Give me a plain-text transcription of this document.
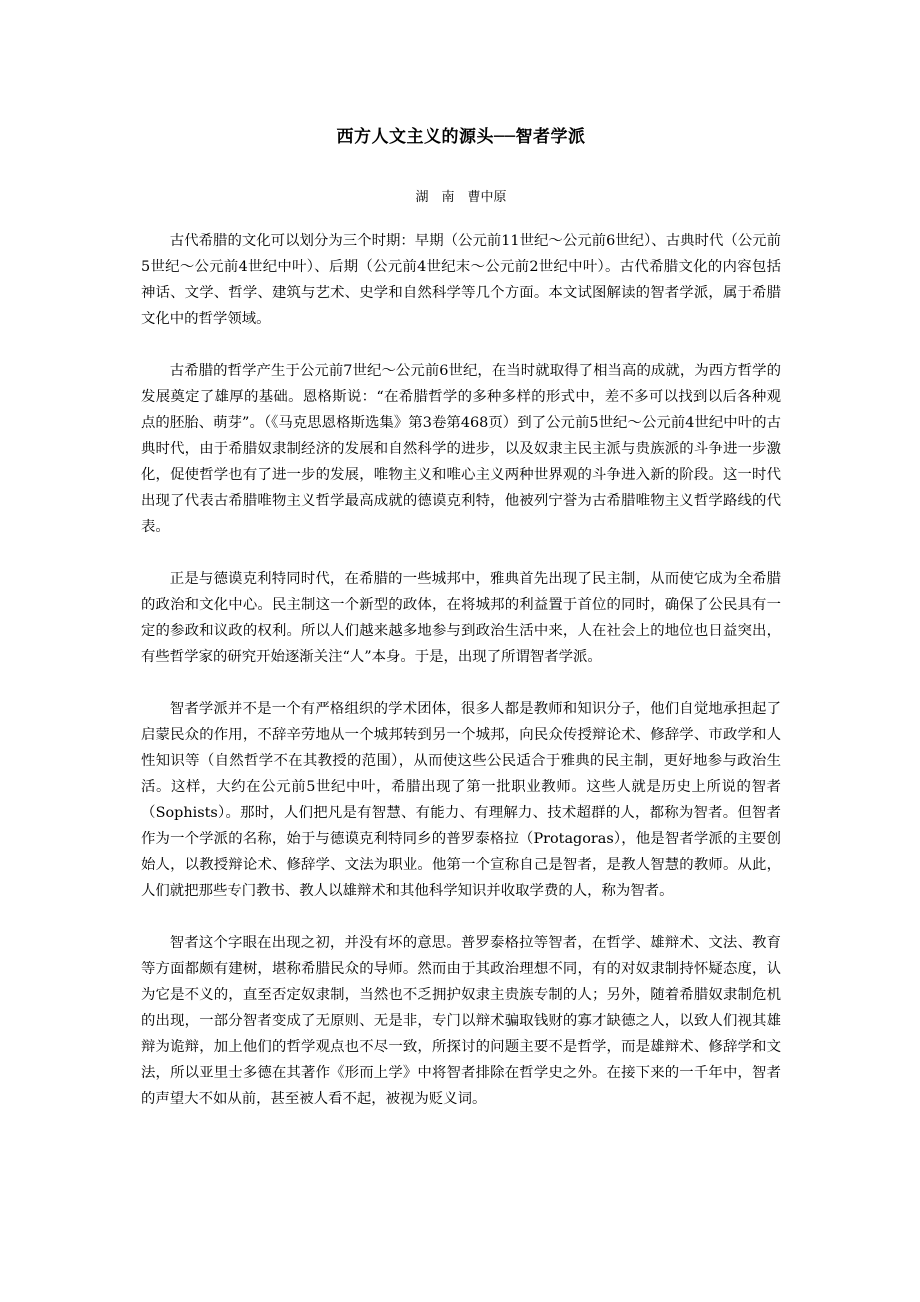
西方人文主义的源头──智者学派

湖　南　曹中原

古代希腊的文化可以划分为三个时期：早期（公元前11世纪～公元前6世纪）、古典时代（公元前5世纪～公元前4世纪中叶）、后期（公元前4世纪末～公元前2世纪中叶）。古代希腊文化的内容包括神话、文学、哲学、建筑与艺术、史学和自然科学等几个方面。本文试图解读的智者学派，属于希腊文化中的哲学领域。

古希腊的哲学产生于公元前7世纪～公元前6世纪，在当时就取得了相当高的成就，为西方哲学的发展奠定了雄厚的基础。恩格斯说：“在希腊哲学的多种多样的形式中，差不多可以找到以后各种观点的胚胎、萌芽”。（《马克思恩格斯选集》第3卷第468页）到了公元前5世纪～公元前4世纪中叶的古典时代，由于希腊奴隶制经济的发展和自然科学的进步，以及奴隶主民主派与贵族派的斗争进一步激化，促使哲学也有了进一步的发展，唯物主义和唯心主义两种世界观的斗争进入新的阶段。这一时代出现了代表古希腊唯物主义哲学最高成就的德谟克利特，他被列宁誉为古希腊唯物主义哲学路线的代表。

正是与德谟克利特同时代，在希腊的一些城邦中，雅典首先出现了民主制，从而使它成为全希腊的政治和文化中心。民主制这一个新型的政体，在将城邦的利益置于首位的同时，确保了公民具有一定的参政和议政的权利。所以人们越来越多地参与到政治生活中来，人在社会上的地位也日益突出，有些哲学家的研究开始逐渐关注“人”本身。于是，出现了所谓智者学派。

智者学派并不是一个有严格组织的学术团体，很多人都是教师和知识分子，他们自觉地承担起了启蒙民众的作用，不辞辛劳地从一个城邦转到另一个城邦，向民众传授辩论术、修辞学、市政学和人性知识等（自然哲学不在其教授的范围），从而使这些公民适合于雅典的民主制，更好地参与政治生活。这样，大约在公元前5世纪中叶，希腊出现了第一批职业教师。这些人就是历史上所说的智者（Sophists）。那时，人们把凡是有智慧、有能力、有理解力、技术超群的人，都称为智者。但智者作为一个学派的名称，始于与德谟克利特同乡的普罗泰格拉（Protagoras），他是智者学派的主要创始人，以教授辩论术、修辞学、文法为职业。他第一个宣称自己是智者，是教人智慧的教师。从此，人们就把那些专门教书、教人以雄辩术和其他科学知识并收取学费的人，称为智者。

智者这个字眼在出现之初，并没有坏的意思。普罗泰格拉等智者，在哲学、雄辩术、文法、教育等方面都颇有建树，堪称希腊民众的导师。然而由于其政治理想不同，有的对奴隶制持怀疑态度，认为它是不义的，直至否定奴隶制，当然也不乏拥护奴隶主贵族专制的人；另外，随着希腊奴隶制危机的出现，一部分智者变成了无原则、无是非，专门以辩术骗取钱财的寡才缺德之人，以致人们视其雄辩为诡辩，加上他们的哲学观点也不尽一致，所探讨的问题主要不是哲学，而是雄辩术、修辞学和文法，所以亚里士多德在其著作《形而上学》中将智者排除在哲学史之外。在接下来的一千年中，智者的声望大不如从前，甚至被人看不起，被视为贬义词。
